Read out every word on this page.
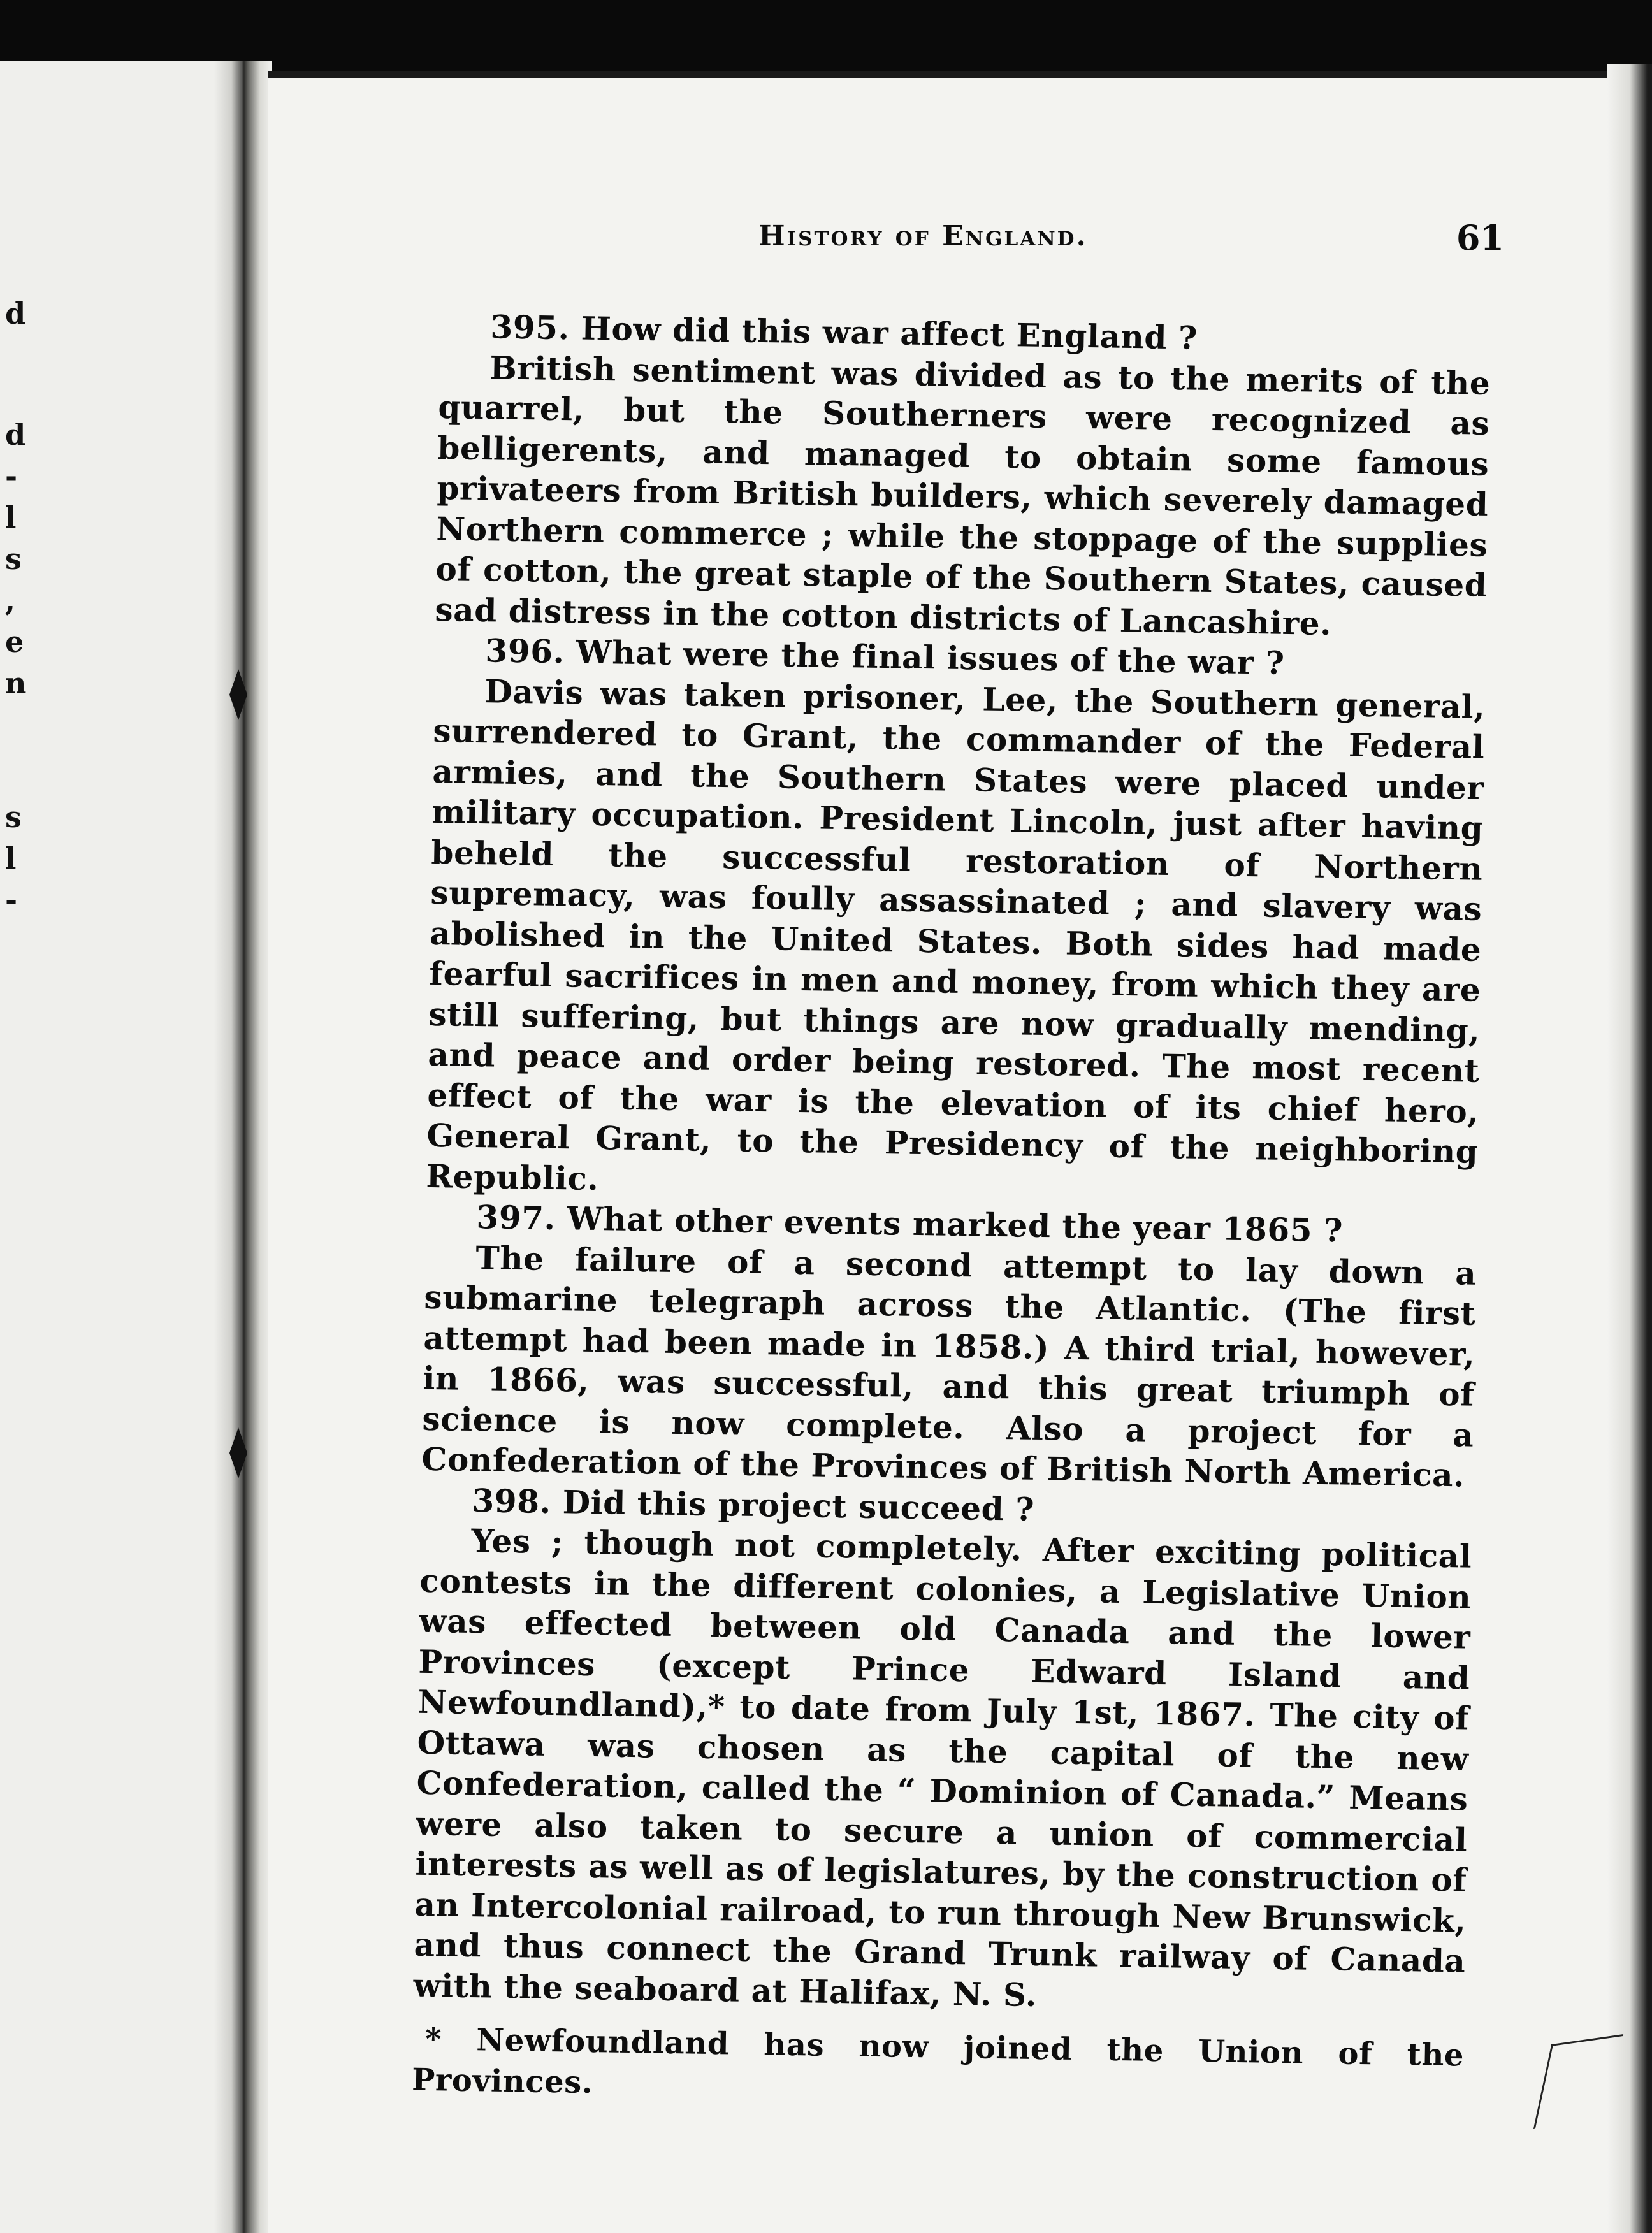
d
d
-
l
s
,
e
n
s
l
-
History of England.	61

395. How did this war affect England ?

British sentiment was divided as to the merits of the quarrel, but the Southerners were recognized as belligerents, and managed to obtain some famous privateers from British builders, which severely damaged Northern commerce ; while the stoppage of the supplies of cotton, the great staple of the Southern States, caused sad distress in the cotton districts of Lancashire.

396. What were the final issues of the war ?

Davis was taken prisoner, Lee, the Southern general, surrendered to Grant, the commander of the Federal armies, and the Southern States were placed under military occupation. President Lincoln, just after having beheld the successful restoration of Northern supremacy, was foully assassinated ; and slavery was abolished in the United States. Both sides had made fearful sacrifices in men and money, from which they are still suffering, but things are now gradually mending, and peace and order being restored. The most recent effect of the war is the elevation of its chief hero, General Grant, to the Presidency of the neighboring Republic.

397. What other events marked the year 1865 ?

The failure of a second attempt to lay down a submarine telegraph across the Atlantic. (The first attempt had been made in 1858.) A third trial, however, in 1866, was successful, and this great triumph of science is now complete. Also a project for a Confederation of the Provinces of British North America.

398. Did this project succeed ?

Yes ; though not completely. After exciting political contests in the different colonies, a Legislative Union was effected between old Canada and the lower Provinces (except Prince Edward Island and Newfoundland),* to date from July 1st, 1867. The city of Ottawa was chosen as the capital of the new Confederation, called the “ Dominion of Canada.” Means were also taken to secure a union of commercial interests as well as of legislatures, by the construction of an Intercolonial railroad, to run through New Brunswick, and thus connect the Grand Trunk railway of Canada with the seaboard at Halifax, N. S.

* Newfoundland has now joined the Union of the Provinces.
